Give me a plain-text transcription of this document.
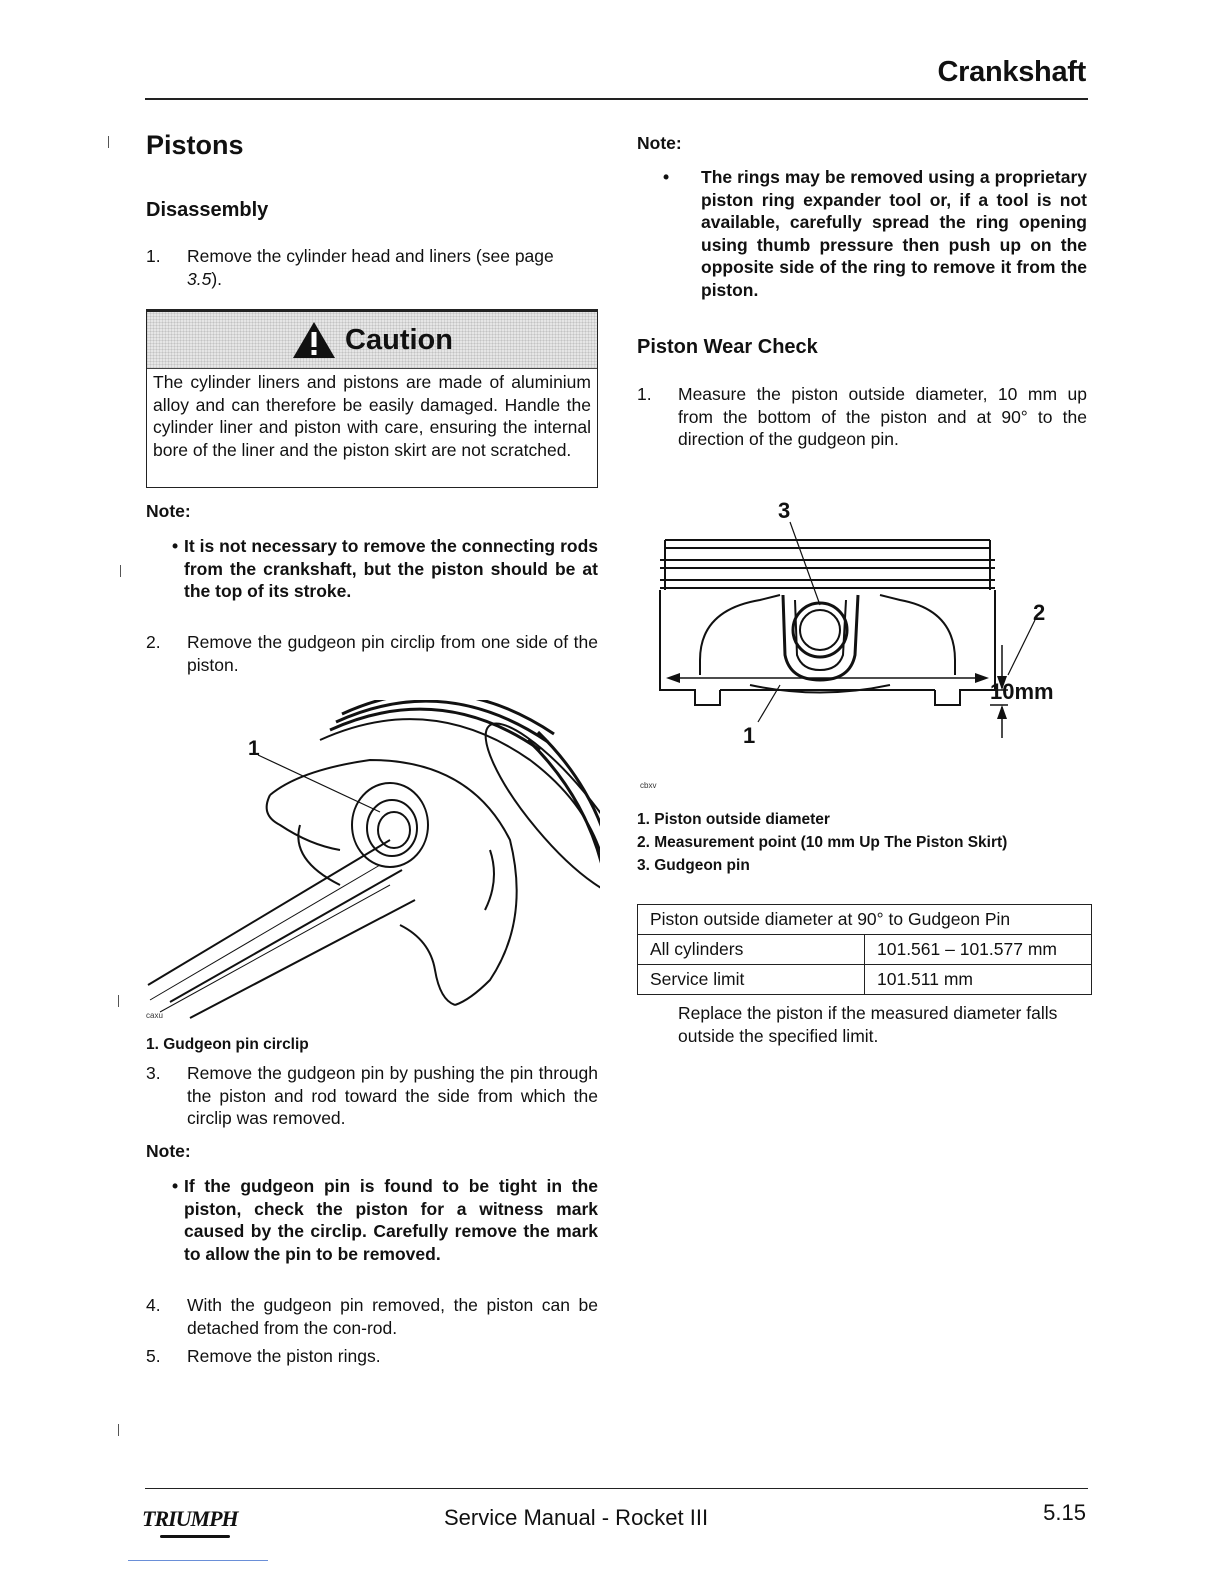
Crankshaft
Pistons
Disassembly
1.	Remove the cylinder head and liners (see page
3.5).
Caution
The cylinder liners and pistons are made of aluminium alloy and can therefore be easily damaged. Handle the cylinder liner and piston with care, ensuring the internal bore of the liner and the piston skirt are not scratched.
Note:
• It is not necessary to remove the connecting rods from the crankshaft, but the piston should be at the top of its stroke.
2.	Remove the gudgeon pin circlip from one side of the piston.
1
caxu
1. Gudgeon pin circlip
3.	Remove the gudgeon pin by pushing the pin through the piston and rod toward the side from which the circlip was removed.
Note:
• If the gudgeon pin is found to be tight in the piston, check the piston for a witness mark caused by the circlip. Carefully remove the mark to allow the pin to be removed.
4.	With the gudgeon pin removed, the piston can be detached from the con-rod.
5.	Remove the piston rings.
Note:
•	The rings may be removed using a proprietary piston ring expander tool or, if a tool is not available, carefully spread the ring opening using thumb pressure then push up on the opposite side of the ring to remove it from the piston.
Piston Wear Check
1.	Measure the piston outside diameter, 10 mm up from the bottom of the piston and at 90° to the direction of the gudgeon pin.
3
2
1
10mm
cbxv
1. Piston outside diameter
2. Measurement point (10 mm Up The Piston Skirt)
3. Gudgeon pin
Piston outside diameter at 90° to Gudgeon Pin	
All cylinders	101.561 – 101.577 mm
Service limit	101.511 mm
Replace the piston if the measured diameter falls outside the specified limit.
TRIUMPH	Service Manual - Rocket III	5.15
